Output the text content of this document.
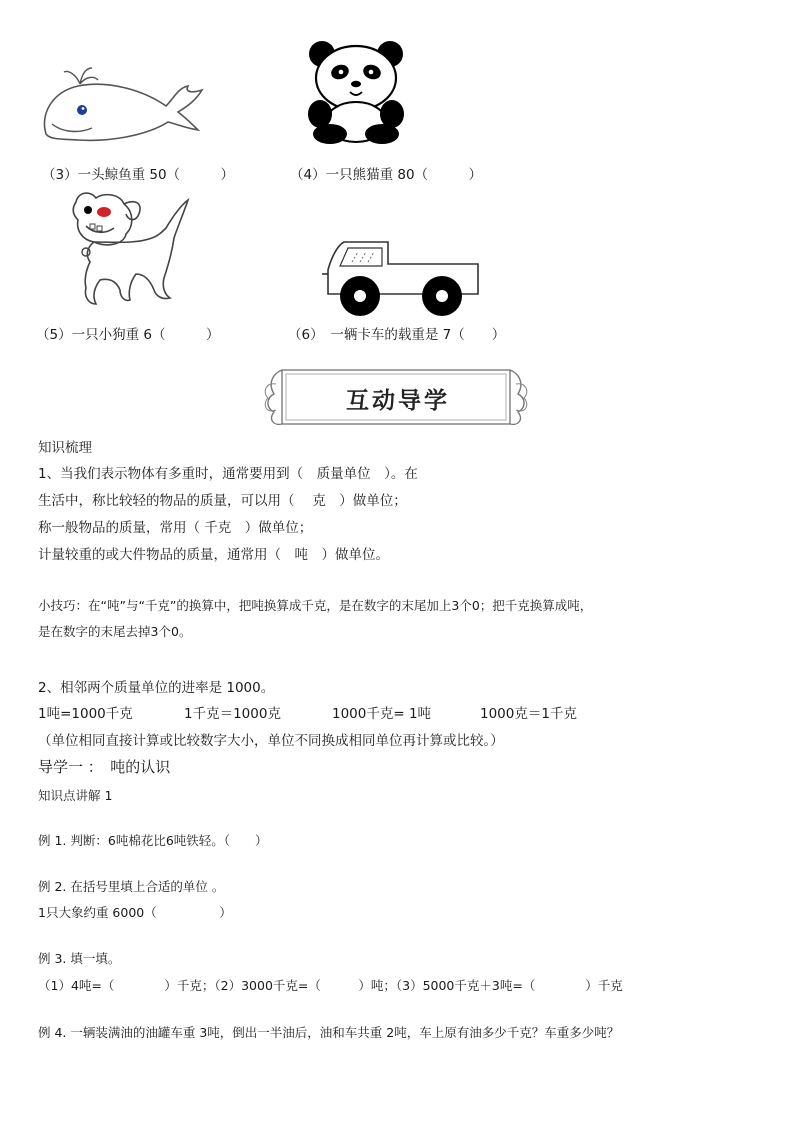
（3）一头鲸鱼重 50（　　　）	（4）一只熊猫重 80（　　　）
（5）一只小狗重 6（　　　）	（6）　一辆卡车的载重是 7（　　）
互动导学
知识梳理
1、当我们表示物体有多重时，通常要用到（　质量单位　）。在
生活中，称比较轻的物品的质量，可以用（　 克　）做单位；
称一般物品的质量，常用（ 千克　）做单位；
计量较重的或大件物品的质量，通常用（　吨　）做单位。
小技巧：在“吨”与“千克”的换算中，把吨换算成千克，是在数字的末尾加上3个0；把千克换算成吨，
是在数字的末尾去掉3个0。
2、相邻两个质量单位的进率是 1000。
1吨=1000千克	1千克＝1000克	1000千克= 1吨	1000克＝1千克
（单位相同直接计算或比较数字大小，单位不同换成相同单位再计算或比较。）
导学一 ：　吨的认识
知识点讲解 1
例 1. 判断：6吨棉花比6吨铁轻。（　　）
例 2. 在括号里填上合适的单位 。
1只大象约重 6000（　　　　　）
例 3. 填一填。
（1）4吨=（　　　　）千克；（2）3000千克=（　　　）吨；（3）5000千克＋3吨=（　　　　）千克
例 4. 一辆装满油的油罐车重 3吨，倒出一半油后，油和车共重 2吨，车上原有油多少千克？车重多少吨？
